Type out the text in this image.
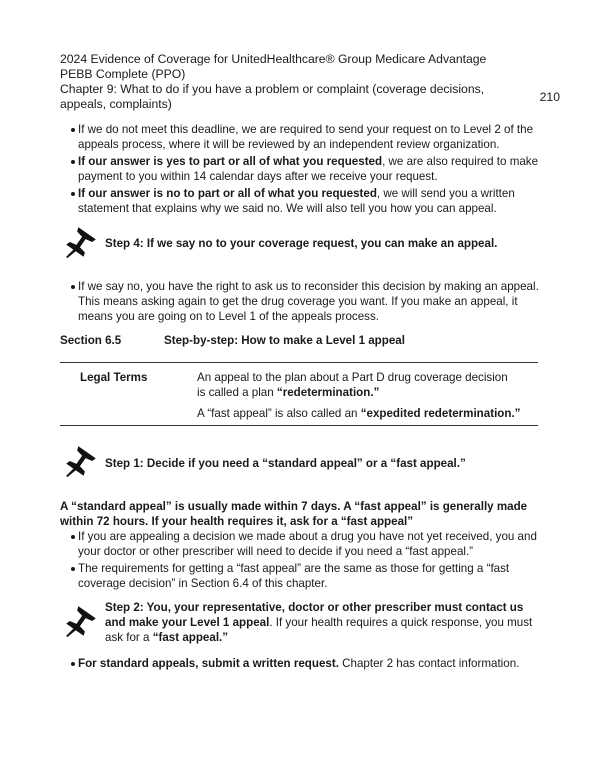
2024 Evidence of Coverage for UnitedHealthcare® Group Medicare Advantage PEBB Complete (PPO)
Chapter 9: What to do if you have a problem or complaint (coverage decisions, appeals, complaints)	210
If we do not meet this deadline, we are required to send your request on to Level 2 of the appeals process, where it will be reviewed by an independent review organization.
If our answer is yes to part or all of what you requested, we are also required to make payment to you within 14 calendar days after we receive your request.
If our answer is no to part or all of what you requested, we will send you a written statement that explains why we said no. We will also tell you how you can appeal.
Step 4: If we say no to your coverage request, you can make an appeal.
If we say no, you have the right to ask us to reconsider this decision by making an appeal. This means asking again to get the drug coverage you want. If you make an appeal, it means you are going on to Level 1 of the appeals process.
Section 6.5	Step-by-step: How to make a Level 1 appeal
Legal Terms	An appeal to the plan about a Part D drug coverage decision is called a plan “redetermination.”
A “fast appeal” is also called an “expedited redetermination.”
Step 1: Decide if you need a “standard appeal” or a “fast appeal.”
A “standard appeal” is usually made within 7 days. A “fast appeal” is generally made within 72 hours. If your health requires it, ask for a “fast appeal”
If you are appealing a decision we made about a drug you have not yet received, you and your doctor or other prescriber will need to decide if you need a “fast appeal.”
The requirements for getting a “fast appeal” are the same as those for getting a “fast coverage decision” in Section 6.4 of this chapter.
Step 2: You, your representative, doctor or other prescriber must contact us and make your Level 1 appeal. If your health requires a quick response, you must ask for a “fast appeal.”
For standard appeals, submit a written request. Chapter 2 has contact information.
